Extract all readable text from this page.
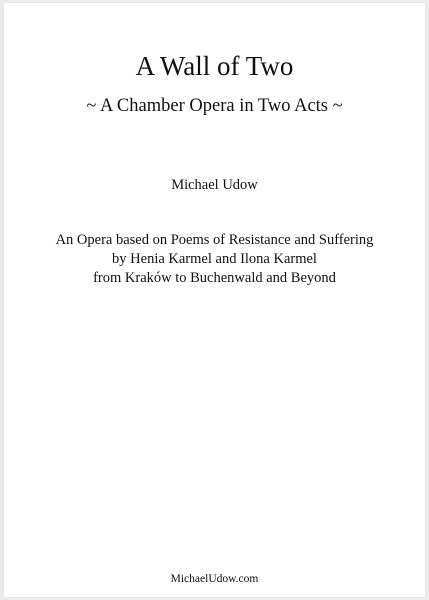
A Wall of Two
~ A Chamber Opera in Two Acts ~
Michael Udow
An Opera based on Poems of Resistance and Suffering
by Henia Karmel and Ilona Karmel
from Kraków to Buchenwald and Beyond
MichaelUdow.com
